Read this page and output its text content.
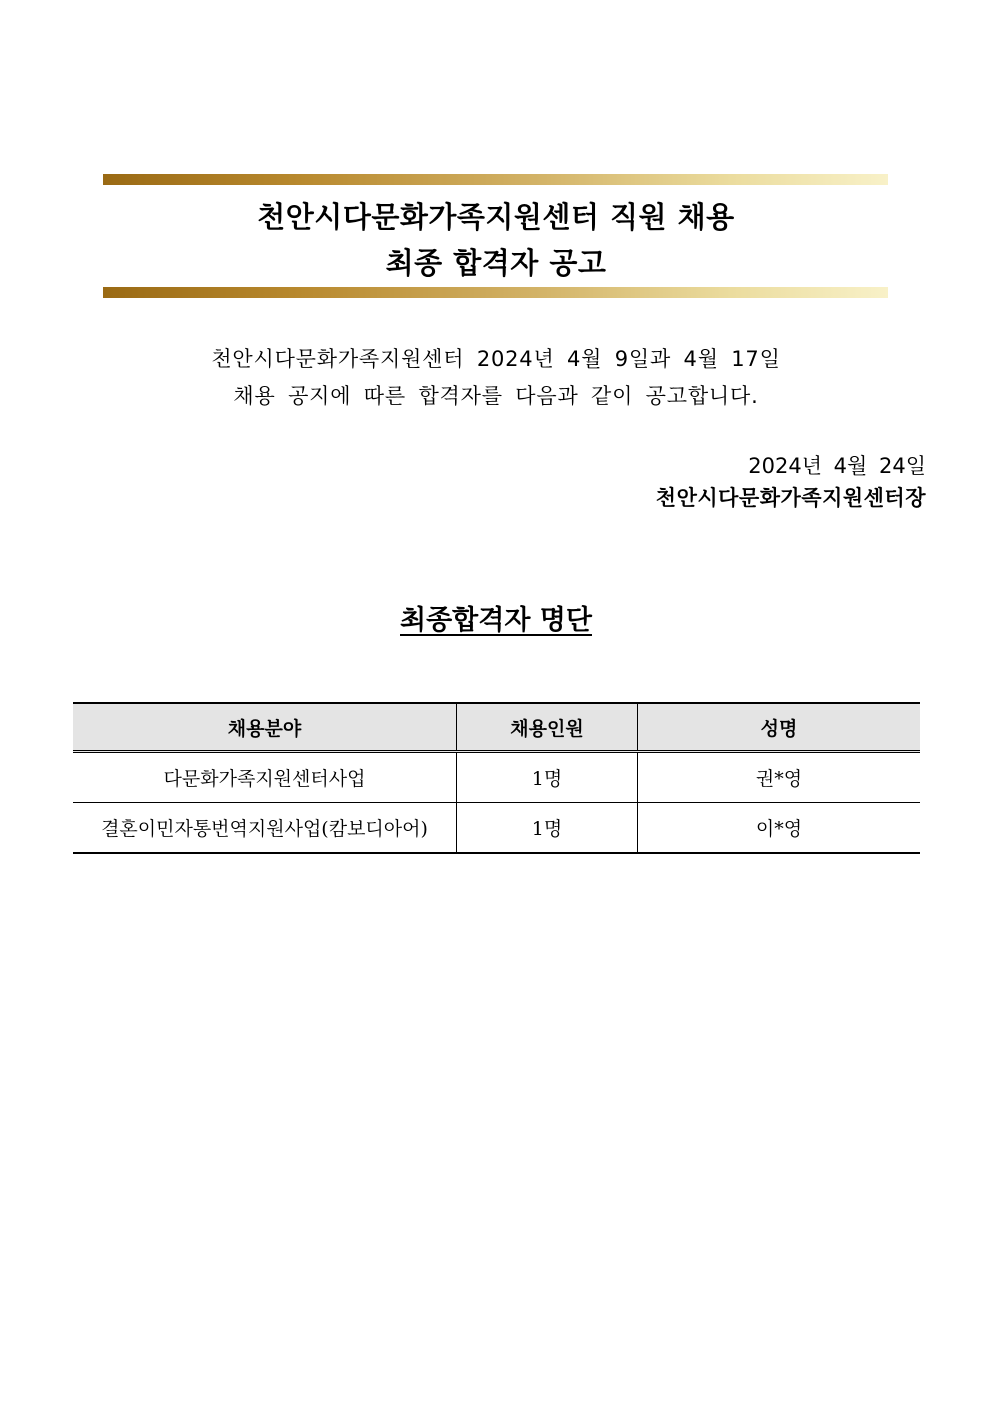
천안시다문화가족지원센터 직원 채용
최종 합격자 공고
천안시다문화가족지원센터 2024년 4월 9일과 4월 17일
채용 공지에 따른 합격자를 다음과 같이 공고합니다.
2024년 4월 24일
천안시다문화가족지원센터장
최종합격자 명단
채용분야	채용인원	성명
다문화가족지원센터사업	1명	권*영
결혼이민자통번역지원사업(캄보디아어)	1명	이*영
